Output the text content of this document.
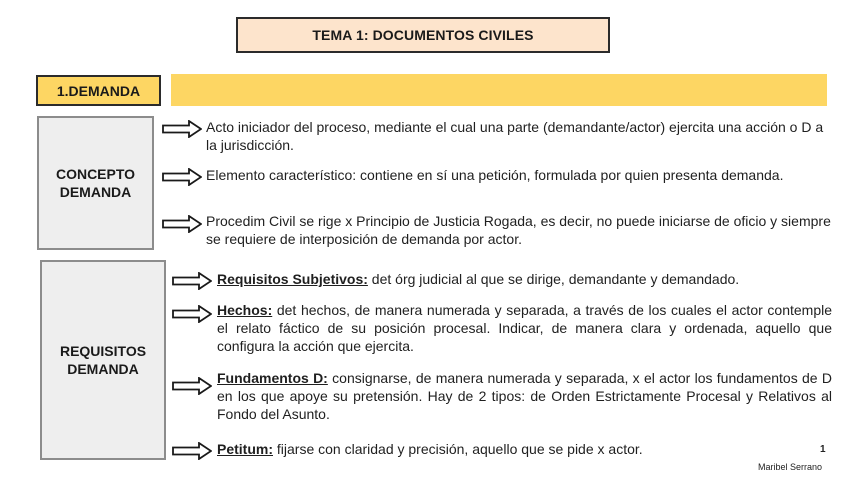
TEMA 1: DOCUMENTOS CIVILES
1.DEMANDA
CONCEPTO
DEMANDA
Acto iniciador del proceso, mediante el cual una parte (demandante/actor) ejercita una acción o D a la jurisdicción.
Elemento característico: contiene en sí una petición, formulada por quien presenta demanda.
Procedim Civil se rige x Principio de Justicia Rogada, es decir, no puede iniciarse de oficio y siempre se requiere de interposición de demanda por actor.
REQUISITOS
DEMANDA
Requisitos Subjetivos: det órg judicial al que se dirige, demandante y demandado.
Hechos: det hechos, de manera numerada y separada, a través de los cuales el actor contemple el relato fáctico de su posición procesal. Indicar, de manera clara y ordenada, aquello que configura la acción que ejercita.
Fundamentos D: consignarse, de manera numerada y separada, x el actor los fundamentos de D en los que apoye su pretensión. Hay de 2 tipos: de Orden Estrictamente Procesal y Relativos al Fondo del Asunto.
Petitum: fijarse con claridad y precisión, aquello que se pide x actor.	1
Maribel Serrano
